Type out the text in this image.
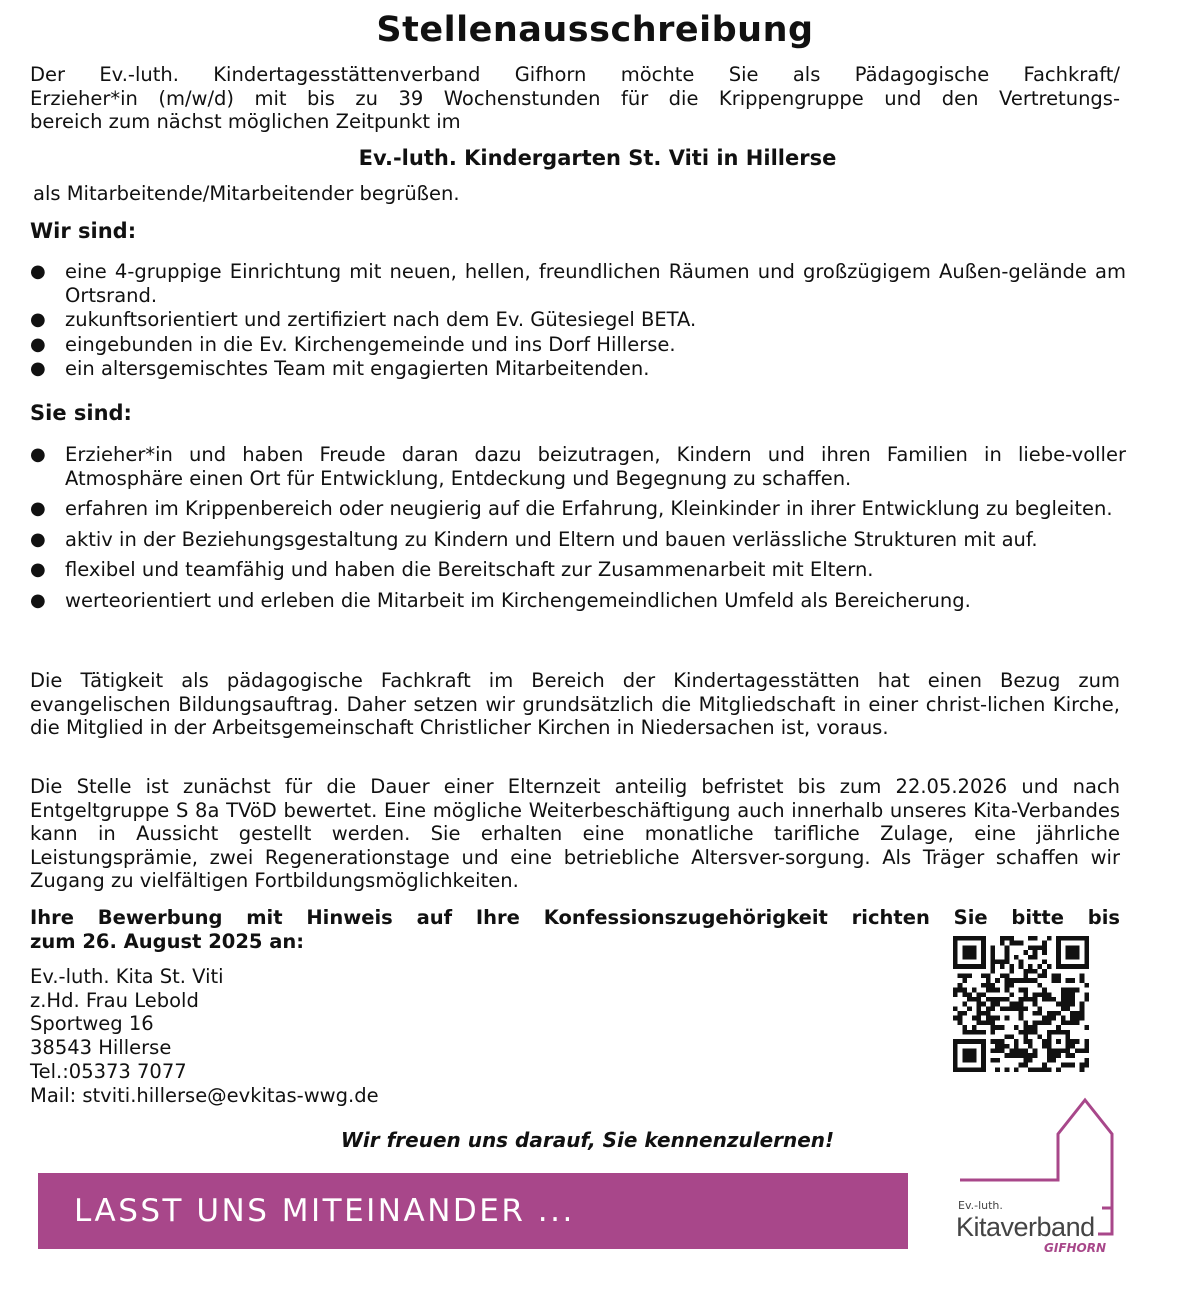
Stellenausschreibung
Der Ev.-luth. Kindertagesstättenverband Gifhorn möchte Sie als Pädagogische Fachkraft/
Erzieher*in (m/w/d) mit bis zu 39 Wochenstunden für die Krippengruppe und den Vertretungs-
bereich zum nächst möglichen Zeitpunkt im
Ev.-luth. Kindergarten St. Viti in Hillerse
als Mitarbeitende/Mitarbeitender begrüßen.
Wir sind:
● eine 4-gruppige Einrichtung mit neuen, hellen, freundlichen Räumen und großzügigem Außen-gelände am Ortsrand.
● zukunftsorientiert und zertifiziert nach dem Ev. Gütesiegel BETA.
● eingebunden in die Ev. Kirchengemeinde und ins Dorf Hillerse.
● ein altersgemischtes Team mit engagierten Mitarbeitenden.
Sie sind:
● Erzieher*in und haben Freude daran dazu beizutragen, Kindern und ihren Familien in liebe-voller Atmosphäre einen Ort für Entwicklung, Entdeckung und Begegnung zu schaffen.
● erfahren im Krippenbereich oder neugierig auf die Erfahrung, Kleinkinder in ihrer Entwicklung zu begleiten.
● aktiv in der Beziehungsgestaltung zu Kindern und Eltern und bauen verlässliche Strukturen mit auf.
● flexibel und teamfähig und haben die Bereitschaft zur Zusammenarbeit mit Eltern.
● werteorientiert und erleben die Mitarbeit im Kirchengemeindlichen Umfeld als Bereicherung.
Die Tätigkeit als pädagogische Fachkraft im Bereich der Kindertagesstätten hat einen Bezug zum evangelischen Bildungsauftrag. Daher setzen wir grundsätzlich die Mitgliedschaft in einer christ-lichen Kirche, die Mitglied in der Arbeitsgemeinschaft Christlicher Kirchen in Niedersachen ist, voraus.
Die Stelle ist zunächst für die Dauer einer Elternzeit anteilig befristet bis zum 22.05.2026 und nach Entgeltgruppe S 8a TVöD bewertet. Eine mögliche Weiterbeschäftigung auch innerhalb unseres Kita-Verbandes kann in Aussicht gestellt werden. Sie erhalten eine monatliche tarifliche Zulage, eine jährliche Leistungsprämie, zwei Regenerationstage und eine betriebliche Altersver-sorgung. Als Träger schaffen wir Zugang zu vielfältigen Fortbildungsmöglichkeiten.
Ihre Bewerbung mit Hinweis auf Ihre Konfessionszugehörigkeit richten Sie bitte bis
zum 26. August 2025 an:
Ev.-luth. Kita St. Viti
z.Hd. Frau Lebold
Sportweg 16
38543 Hillerse
Tel.:05373 7077
Mail: stviti.hillerse@evkitas-wwg.de
Wir freuen uns darauf, Sie kennenzulernen!
LASST UNS MITEINANDER ...	Ev.-luth.
Kitaverband
GIFHORN
